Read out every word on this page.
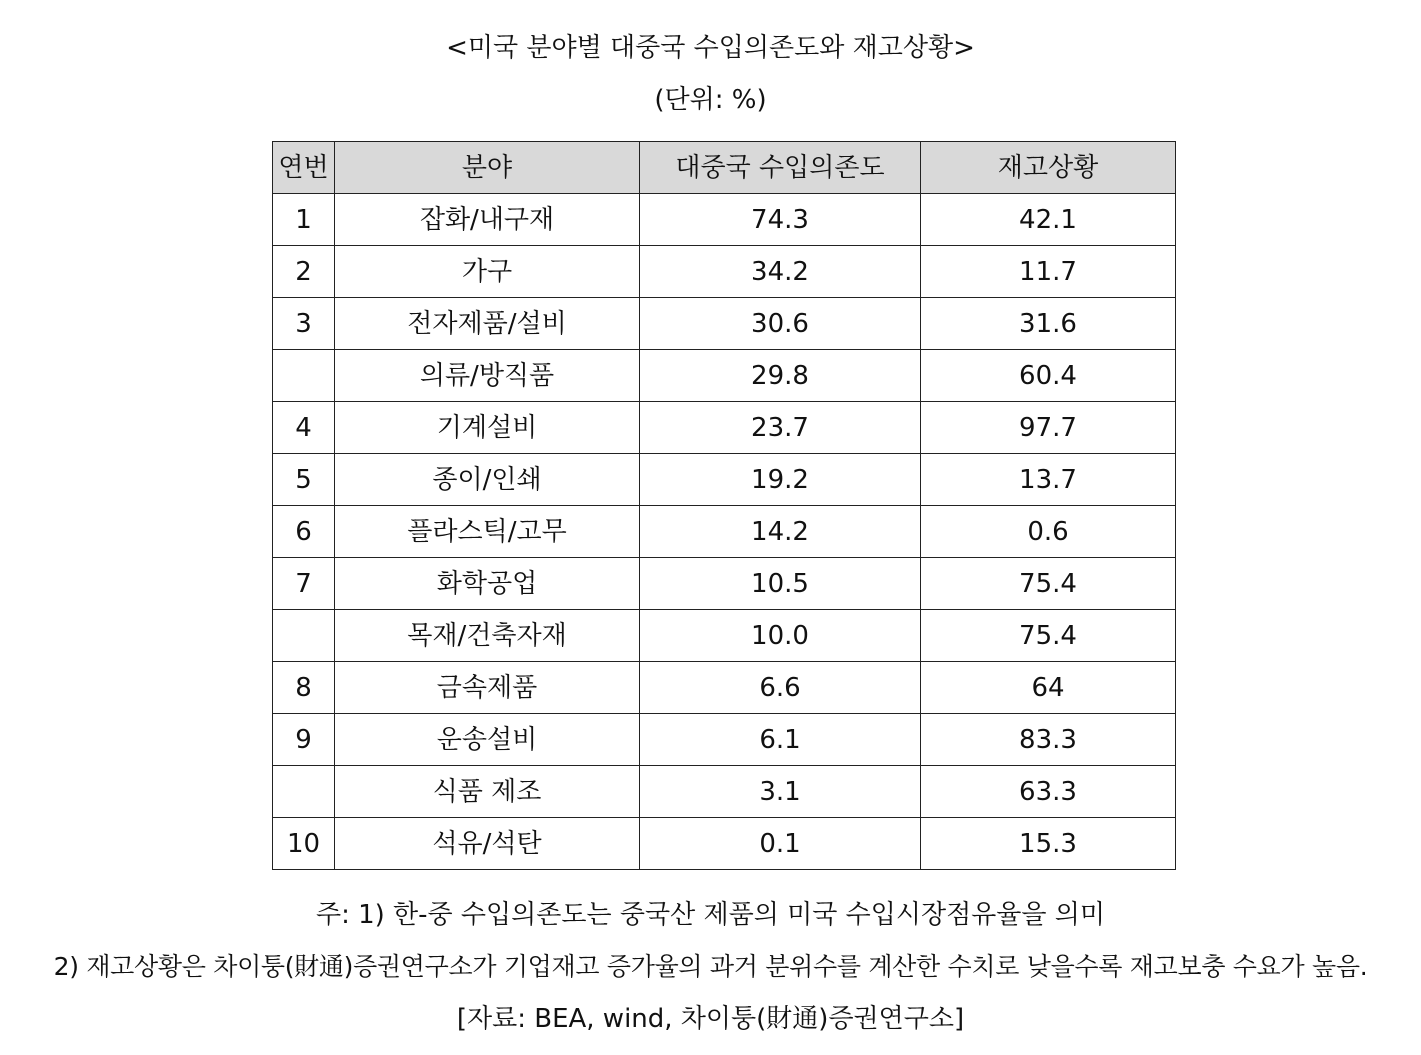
<미국 분야별 대중국 수입의존도와 재고상황>
(단위: %)
연번	분야	대중국 수입의존도	재고상황
1	잡화/내구재	74.3	42.1
2	가구	34.2	11.7
3	전자제품/설비	30.6	31.6
	의류/방직품	29.8	60.4
4	기계설비	23.7	97.7
5	종이/인쇄	19.2	13.7
6	플라스틱/고무	14.2	0.6
7	화학공업	10.5	75.4
	목재/건축자재	10.0	75.4
8	금속제품	6.6	64
9	운송설비	6.1	83.3
	식품 제조	3.1	63.3
10	석유/석탄	0.1	15.3
주: 1) 한-중 수입의존도는 중국산 제품의 미국 수입시장점유율을 의미
2) 재고상황은 차이퉁(財通)증권연구소가 기업재고 증가율의 과거 분위수를 계산한 수치로 낮을수록 재고보충 수요가 높음.
[자료: BEA, wind, 차이퉁(財通)증권연구소]
